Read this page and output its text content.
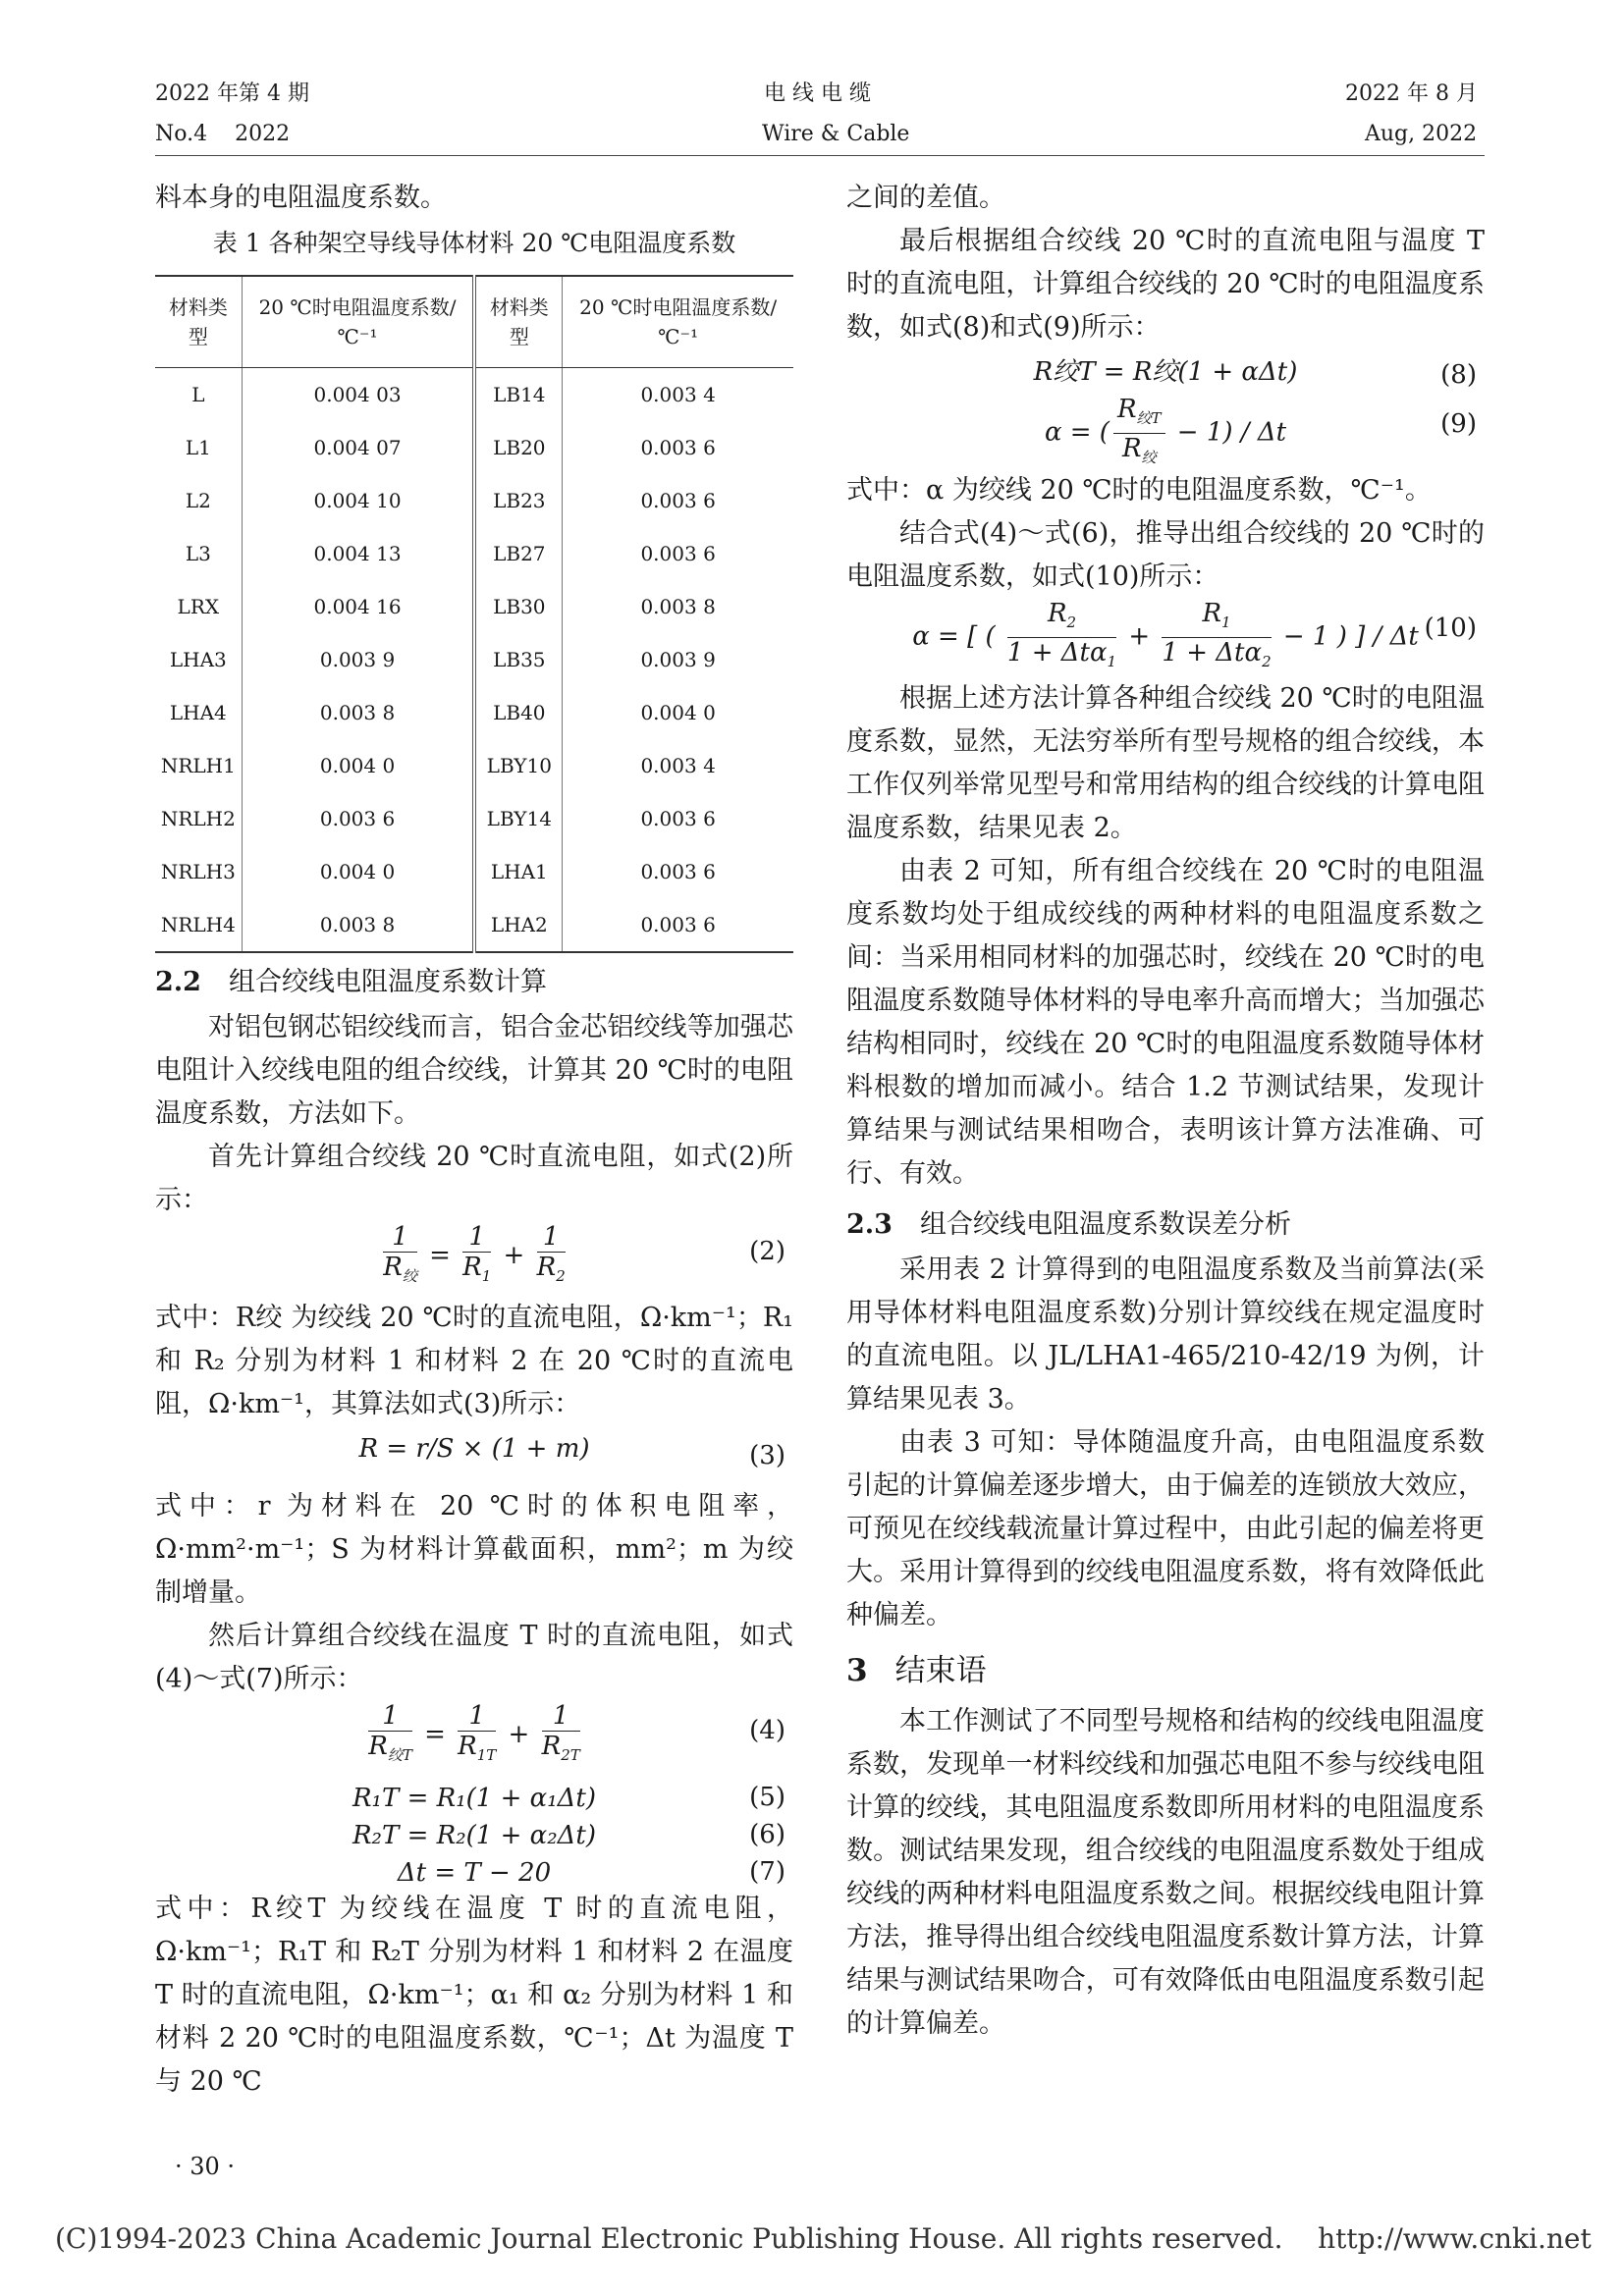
2022 年第 4 期
No.4    2022
电 线 电 缆
Wire & Cable
2022 年 8 月
Aug, 2022

料本身的电阻温度系数。

表 1 各种架空导线导体材料 20 ℃电阻温度系数
材料类型	20 ℃时电阻温度系数/℃⁻¹	材料类型	20 ℃时电阻温度系数/℃⁻¹
L	0.004 03	LB14	0.003 4
L1	0.004 07	LB20	0.003 6
L2	0.004 10	LB23	0.003 6
L3	0.004 13	LB27	0.003 6
LRX	0.004 16	LB30	0.003 8
LHA3	0.003 9	LB35	0.003 9
LHA4	0.003 8	LB40	0.004 0
NRLH1	0.004 0	LBY10	0.003 4
NRLH2	0.003 6	LBY14	0.003 6
NRLH3	0.004 0	LHA1	0.003 6
NRLH4	0.003 8	LHA2	0.003 6
2.2 组合绞线电阻温度系数计算

对铝包钢芯铝绞线而言，铝合金芯铝绞线等加强芯电阻计入绞线电阻的组合绞线，计算其 20 ℃时的电阻温度系数，方法如下。

首先计算组合绞线 20 ℃时直流电阻，如式(2)所示：

$\frac{1}{R_绞} = \frac{1}{R_1} + \frac{1}{R_2}$	(2)

式中：R绞 为绞线 20 ℃时的直流电阻，Ω·km⁻¹；R₁ 和 R₂ 分别为材料 1 和材料 2 在 20 ℃时的直流电阻，Ω·km⁻¹，其算法如式(3)所示：

R = r/S × (1 + m)	(3)

式中：r 为材料在 20 ℃时的体积电阻率，Ω·mm²·m⁻¹；S 为材料计算截面积，mm²；m 为绞制增量。

然后计算组合绞线在温度 T 时的直流电阻，如式(4)～式(7)所示：

$\frac{1}{R_{绞T}} = \frac{1}{R_{1T}} + \frac{1}{R_{2T}}$	(4)
R₁T = R₁(1 + α₁Δt)	(5)
R₂T = R₂(1 + α₂Δt)	(6)
Δt = T − 20	(7)

式中：R绞T 为绞线在温度 T 时的直流电阻，Ω·km⁻¹；R₁T 和 R₂T 分别为材料 1 和材料 2 在温度 T 时的直流电阻，Ω·km⁻¹；α₁ 和 α₂ 分别为材料 1 和材料 2 20 ℃时的电阻温度系数，℃⁻¹；Δt 为温度 T 与 20 ℃

· 30 ·

之间的差值。

最后根据组合绞线 20 ℃时的直流电阻与温度 T 时的直流电阻，计算组合绞线的 20 ℃时的电阻温度系数，如式(8)和式(9)所示：

R绞T = R绞(1 + αΔt)	(8)
α = ( $\frac{R_{绞T}}{R_绞} - 1) / \Delta t$	(9)

式中：α 为绞线 20 ℃时的电阻温度系数，℃⁻¹。

结合式(4)～式(6)，推导出组合绞线的 20 ℃时的电阻温度系数，如式(10)所示：

α = [ ( $\frac{R_2}{1 + \Delta t\alpha_1} + \frac{R_1}{1 + \Delta t\alpha_2} - 1$ ) ] / Δt (10)

根据上述方法计算各种组合绞线 20 ℃时的电阻温度系数，显然，无法穷举所有型号规格的组合绞线，本工作仅列举常见型号和常用结构的组合绞线的计算电阻温度系数，结果见表 2。

由表 2 可知，所有组合绞线在 20 ℃时的电阻温度系数均处于组成绞线的两种材料的电阻温度系数之间：当采用相同材料的加强芯时，绞线在 20 ℃时的电阻温度系数随导体材料的导电率升高而增大；当加强芯结构相同时，绞线在 20 ℃时的电阻温度系数随导体材料根数的增加而减小。结合 1.2 节测试结果，发现计算结果与测试结果相吻合，表明该计算方法准确、可行、有效。

2.3 组合绞线电阻温度系数误差分析

采用表 2 计算得到的电阻温度系数及当前算法(采用导体材料电阻温度系数)分别计算绞线在规定温度时的直流电阻。以 JL/LHA1-465/210-42/19 为例，计算结果见表 3。

由表 3 可知：导体随温度升高，由电阻温度系数引起的计算偏差逐步增大，由于偏差的连锁放大效应，可预见在绞线载流量计算过程中，由此引起的偏差将更大。采用计算得到的绞线电阻温度系数，将有效降低此种偏差。

3 结束语

本工作测试了不同型号规格和结构的绞线电阻温度系数，发现单一材料绞线和加强芯电阻不参与绞线电阻计算的绞线，其电阻温度系数即所用材料的电阻温度系数。测试结果发现，组合绞线的电阻温度系数处于组成绞线的两种材料电阻温度系数之间。根据绞线电阻计算方法，推导得出组合绞线电阻温度系数计算方法，计算结果与测试结果吻合，可有效降低由电阻温度系数引起的计算偏差。

(C)1994-2023 China Academic Journal Electronic Publishing House. All rights reserved.    http://www.cnki.net
